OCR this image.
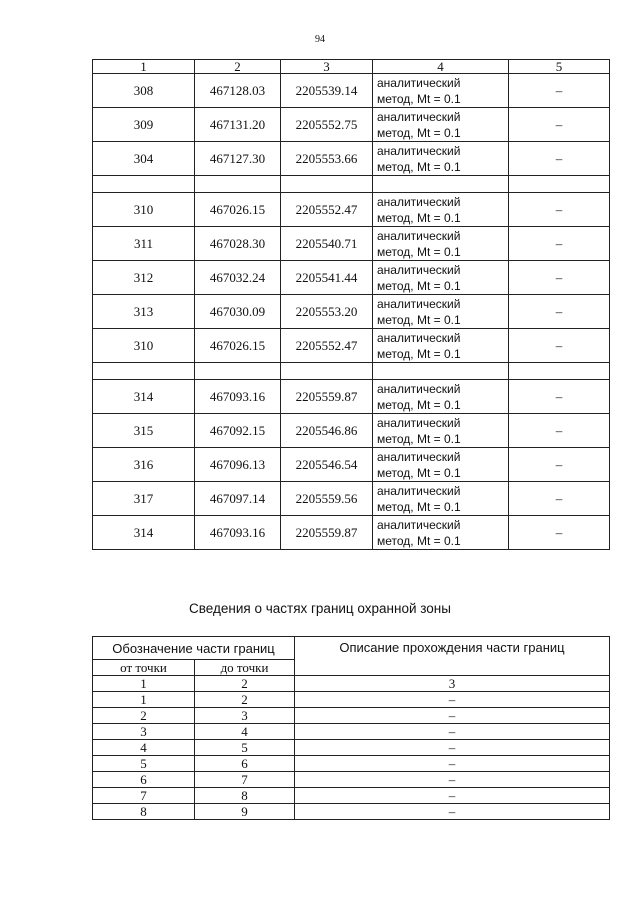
94
1	2	3	4	5
308	467128.03	2205539.14	аналитический
метод, Mt = 0.1	–
309	467131.20	2205552.75	аналитический
метод, Mt = 0.1	–
304	467127.30	2205553.66	аналитический
метод, Mt = 0.1	–

310	467026.15	2205552.47	аналитический
метод, Mt = 0.1	–
311	467028.30	2205540.71	аналитический
метод, Mt = 0.1	–
312	467032.24	2205541.44	аналитический
метод, Mt = 0.1	–
313	467030.09	2205553.20	аналитический
метод, Mt = 0.1	–
310	467026.15	2205552.47	аналитический
метод, Mt = 0.1	–

314	467093.16	2205559.87	аналитический
метод, Mt = 0.1	–
315	467092.15	2205546.86	аналитический
метод, Mt = 0.1	–
316	467096.13	2205546.54	аналитический
метод, Mt = 0.1	–
317	467097.14	2205559.56	аналитический
метод, Mt = 0.1	–
314	467093.16	2205559.87	аналитический
метод, Mt = 0.1	–
Сведения о частях границ охранной зоны
Обозначение части границ		Описание прохождения части границ
от точки	до точки	
1	2	3
1	2	–
2	3	–
3	4	–
4	5	–
5	6	–
6	7	–
7	8	–
8	9	–
